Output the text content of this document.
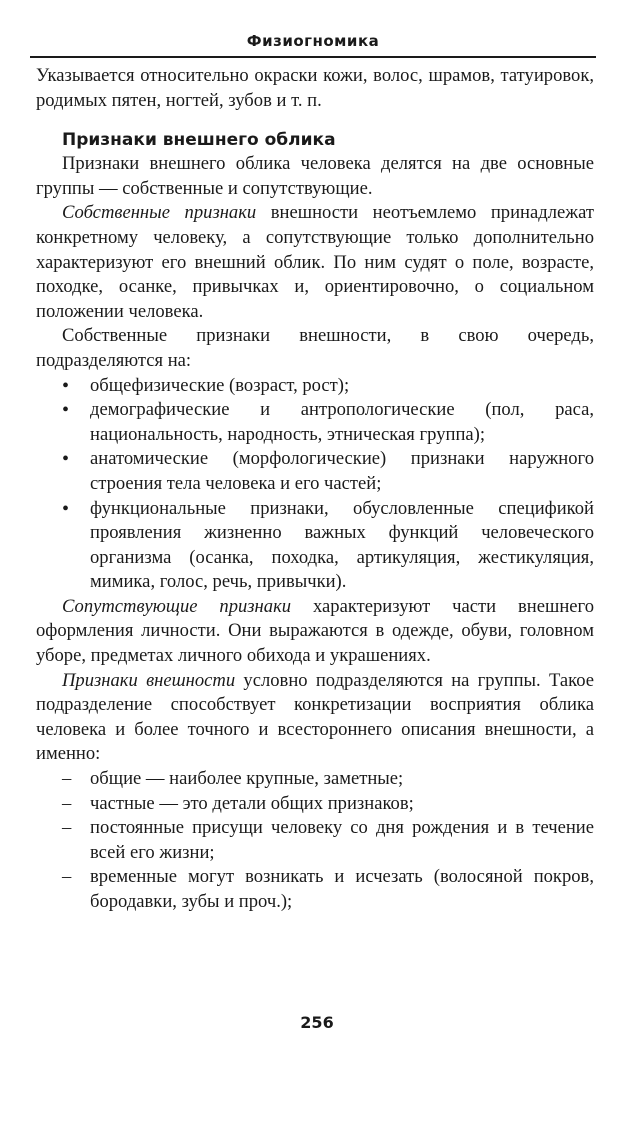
Физиогномика

Указывается относительно окраски кожи, волос, шрамов, татуировок, родимых пятен, ногтей, зубов и т. п.

Признаки внешнего облика

Признаки внешнего облика человека делятся на две основные группы — собственные и сопутствующие.

Собственные признаки внешности неотъемлемо принадлежат конкретному человеку, а сопутствующие только дополнительно характеризуют его внешний облик. По ним судят о поле, возрасте, походке, осанке, привычках и, ориентировочно, о социальном положении человека.

Собственные признаки внешности, в свою очередь, подразделяются на:

• общефизические (возраст, рост);
• демографические и антропологические (пол, раса, национальность, народность, этническая группа);
• анатомические (морфологические) признаки наружного строения тела человека и его частей;
• функциональные признаки, обусловленные спецификой проявления жизненно важных функций человеческого организма (осанка, походка, артикуляция, жестикуляция, мимика, голос, речь, привычки).

Сопутствующие признаки характеризуют части внешнего оформления личности. Они выражаются в одежде, обуви, головном уборе, предметах личного обихода и украшениях.

Признаки внешности условно подразделяются на группы. Такое подразделение способствует конкретизации восприятия облика человека и более точного и всестороннего описания внешности, а именно:

– общие — наиболее крупные, заметные;
– частные — это детали общих признаков;
– постоянные присущи человеку со дня рождения и в течение всей его жизни;
– временные могут возникать и исчезать (волосяной покров, бородавки, зубы и проч.);
256
